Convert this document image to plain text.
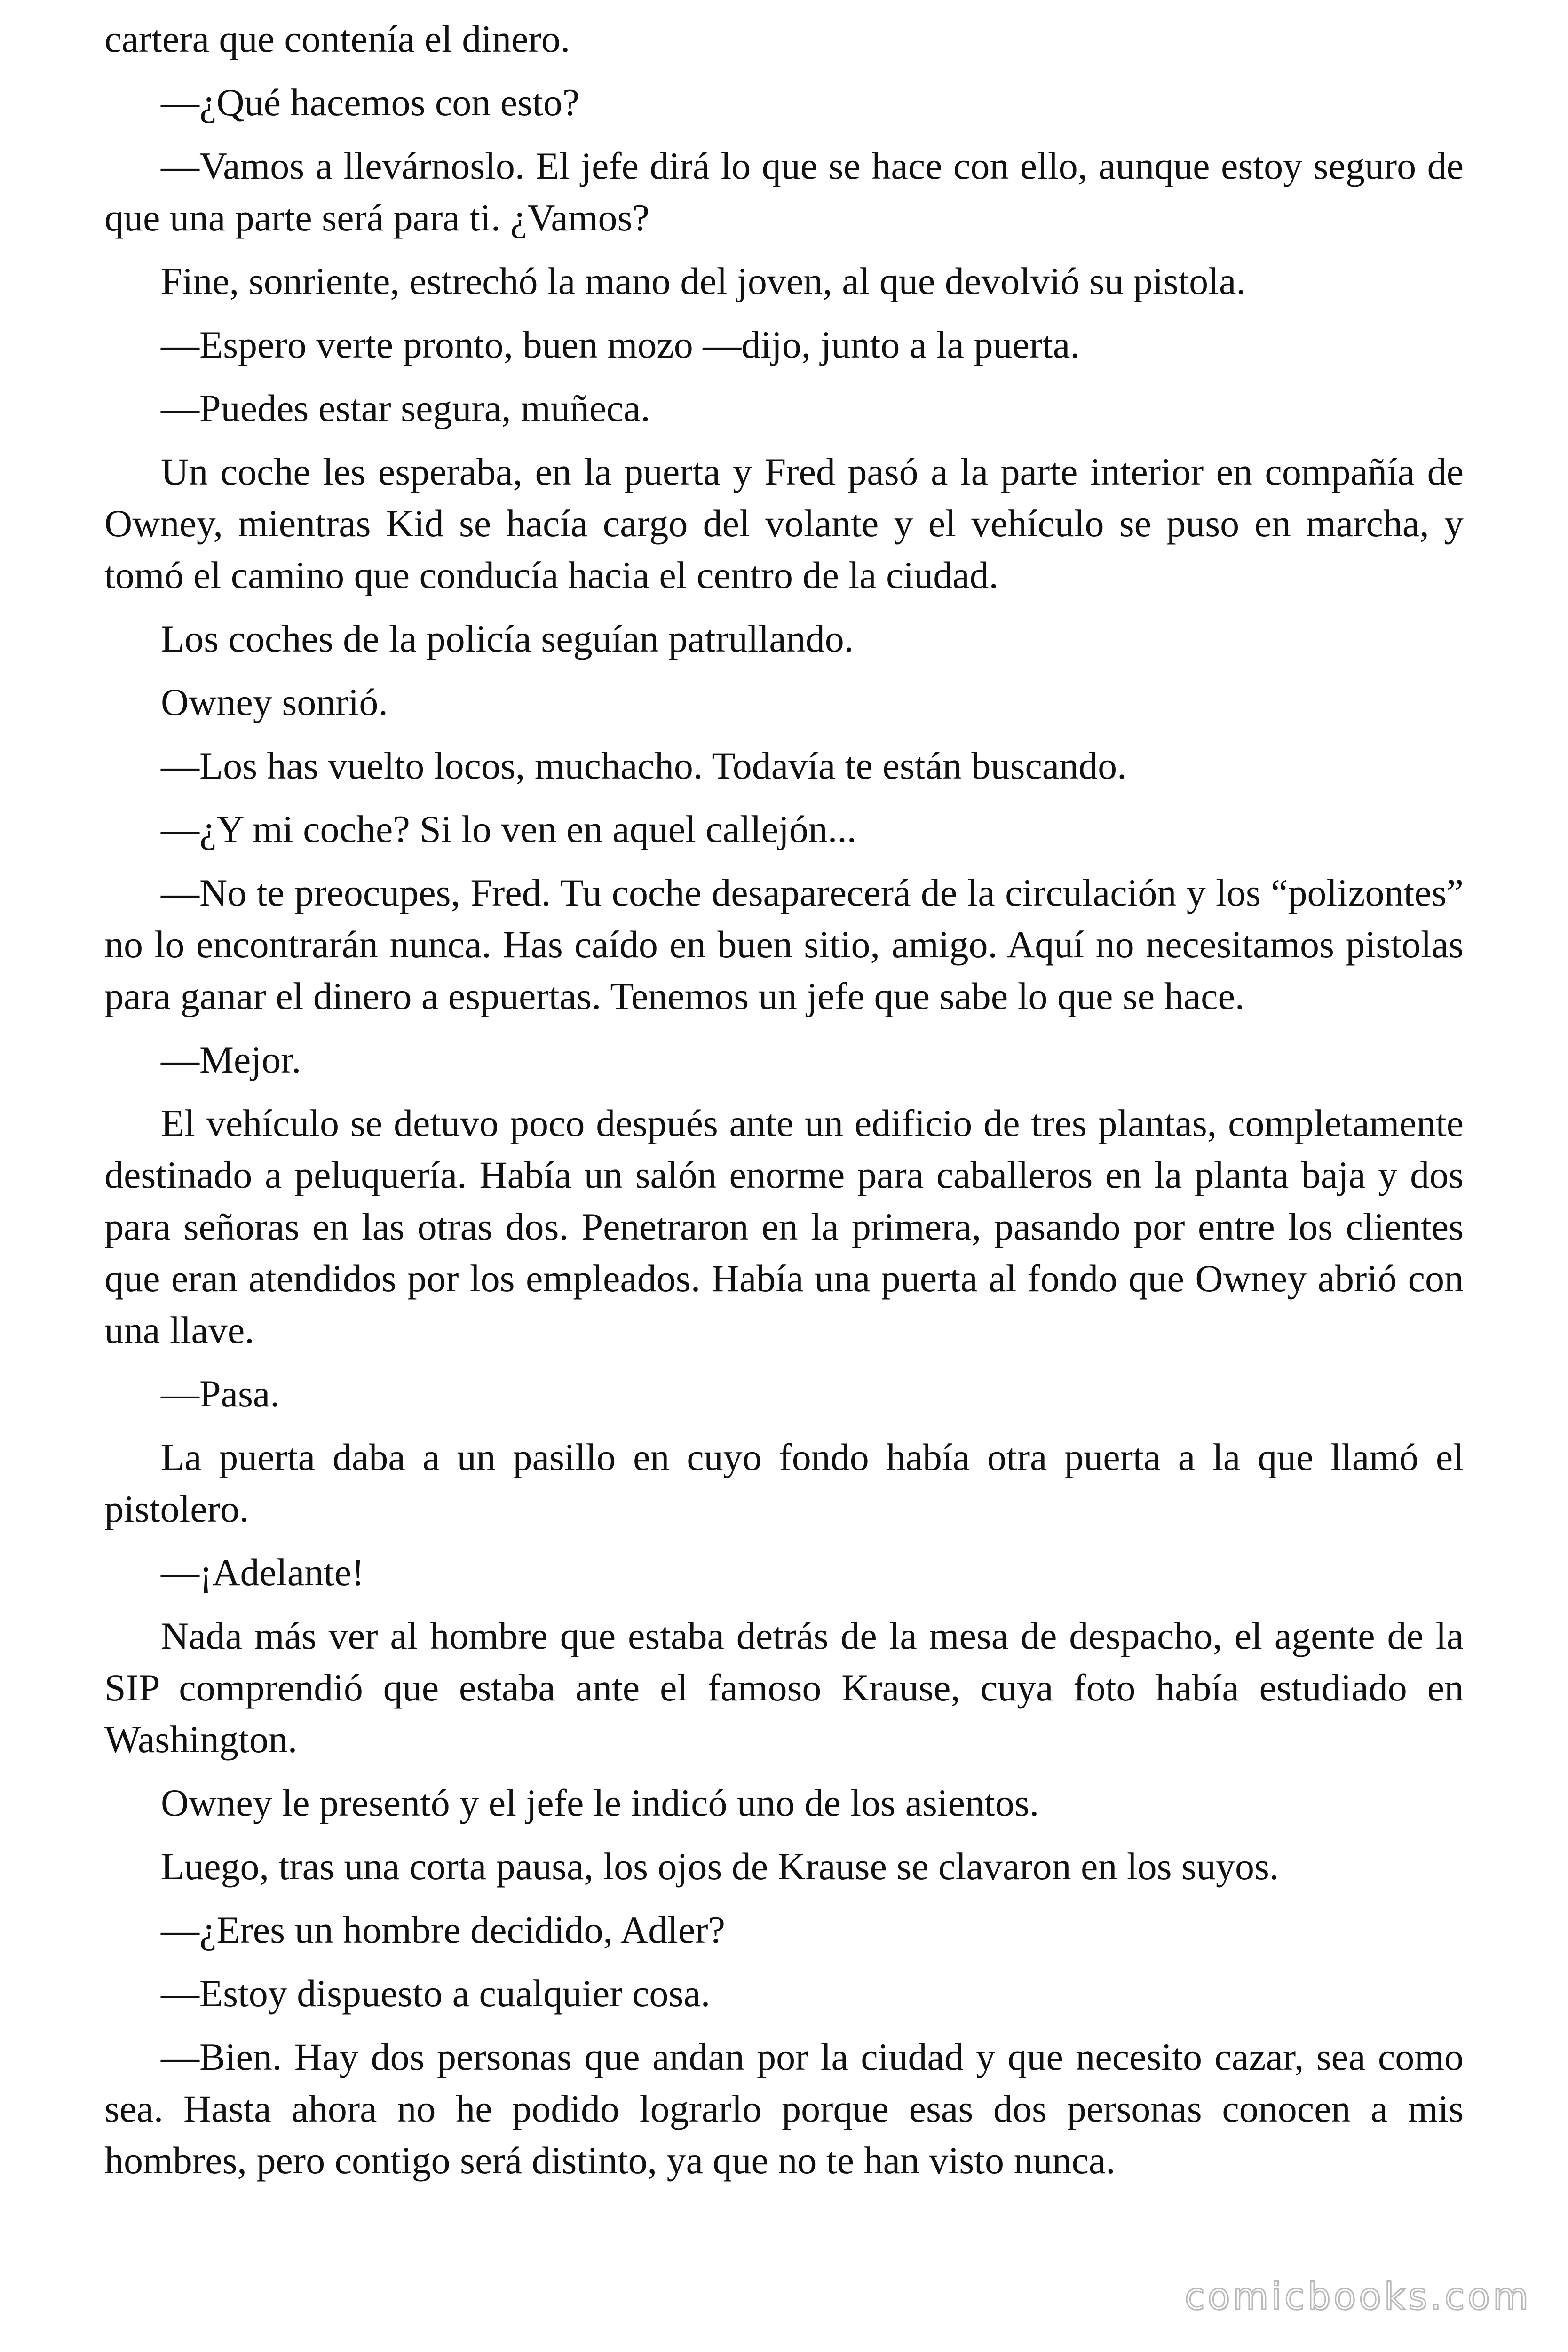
cartera que contenía el dinero.

—¿Qué hacemos con esto?

—Vamos a llevárnoslo. El jefe dirá lo que se hace con ello, aunque estoy seguro de que una parte será para ti. ¿Vamos?

Fine, sonriente, estrechó la mano del joven, al que devolvió su pistola.

—Espero verte pronto, buen mozo —dijo, junto a la puerta.

—Puedes estar segura, muñeca.

Un coche les esperaba, en la puerta y Fred pasó a la parte interior en compañía de Owney, mientras Kid se hacía cargo del volante y el vehículo se puso en marcha, y tomó el camino que conducía hacia el centro de la ciudad.

Los coches de la policía seguían patrullando.

Owney sonrió.

—Los has vuelto locos, muchacho. Todavía te están buscando.

—¿Y mi coche? Si lo ven en aquel callejón...

—No te preocupes, Fred. Tu coche desaparecerá de la circulación y los “polizontes” no lo encontrarán nunca. Has caído en buen sitio, amigo. Aquí no necesitamos pistolas para ganar el dinero a espuertas. Tenemos un jefe que sabe lo que se hace.

—Mejor.

El vehículo se detuvo poco después ante un edificio de tres plantas, completamente destinado a peluquería. Había un salón enorme para caballeros en la planta baja y dos para señoras en las otras dos. Penetraron en la primera, pasando por entre los clientes que eran atendidos por los empleados. Había una puerta al fondo que Owney abrió con una llave.

—Pasa.

La puerta daba a un pasillo en cuyo fondo había otra puerta a la que llamó el pistolero.

—¡Adelante!

Nada más ver al hombre que estaba detrás de la mesa de despacho, el agente de la SIP comprendió que estaba ante el famoso Krause, cuya foto había estudiado en Washington.

Owney le presentó y el jefe le indicó uno de los asientos.

Luego, tras una corta pausa, los ojos de Krause se clavaron en los suyos.

—¿Eres un hombre decidido, Adler?

—Estoy dispuesto a cualquier cosa.

—Bien. Hay dos personas que andan por la ciudad y que necesito cazar, sea como sea. Hasta ahora no he podido lograrlo porque esas dos personas conocen a mis hombres, pero contigo será distinto, ya que no te han visto nunca.

comicbooks.com
